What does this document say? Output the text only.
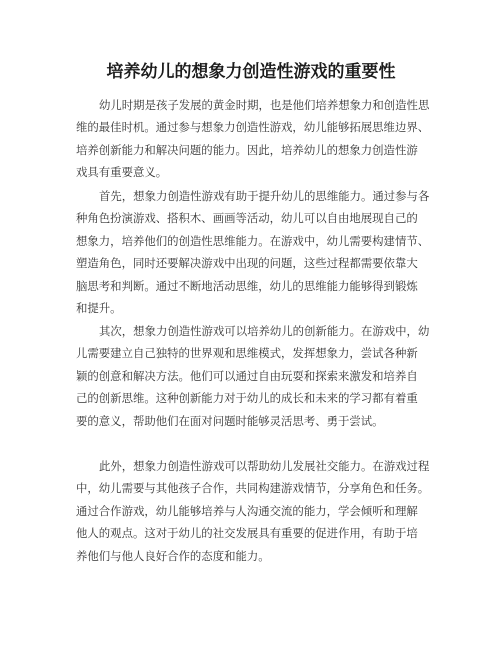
培养幼儿的想象力创造性游戏的重要性
幼儿时期是孩子发展的黄金时期，也是他们培养想象力和创造性思
维的最佳时机。通过参与想象力创造性游戏，幼儿能够拓展思维边界、
培养创新能力和解决问题的能力。因此，培养幼儿的想象力创造性游
戏具有重要意义。
首先，想象力创造性游戏有助于提升幼儿的思维能力。通过参与各
种角色扮演游戏、搭积木、画画等活动，幼儿可以自由地展现自己的
想象力，培养他们的创造性思维能力。在游戏中，幼儿需要构建情节、
塑造角色，同时还要解决游戏中出现的问题，这些过程都需要依靠大
脑思考和判断。通过不断地活动思维，幼儿的思维能力能够得到锻炼
和提升。
其次，想象力创造性游戏可以培养幼儿的创新能力。在游戏中，幼
儿需要建立自己独特的世界观和思维模式，发挥想象力，尝试各种新
颖的创意和解决方法。他们可以通过自由玩耍和探索来激发和培养自
己的创新思维。这种创新能力对于幼儿的成长和未来的学习都有着重
要的意义，帮助他们在面对问题时能够灵活思考、勇于尝试。
此外，想象力创造性游戏可以帮助幼儿发展社交能力。在游戏过程
中，幼儿需要与其他孩子合作，共同构建游戏情节，分享角色和任务。
通过合作游戏，幼儿能够培养与人沟通交流的能力，学会倾听和理解
他人的观点。这对于幼儿的社交发展具有重要的促进作用，有助于培
养他们与他人良好合作的态度和能力。
